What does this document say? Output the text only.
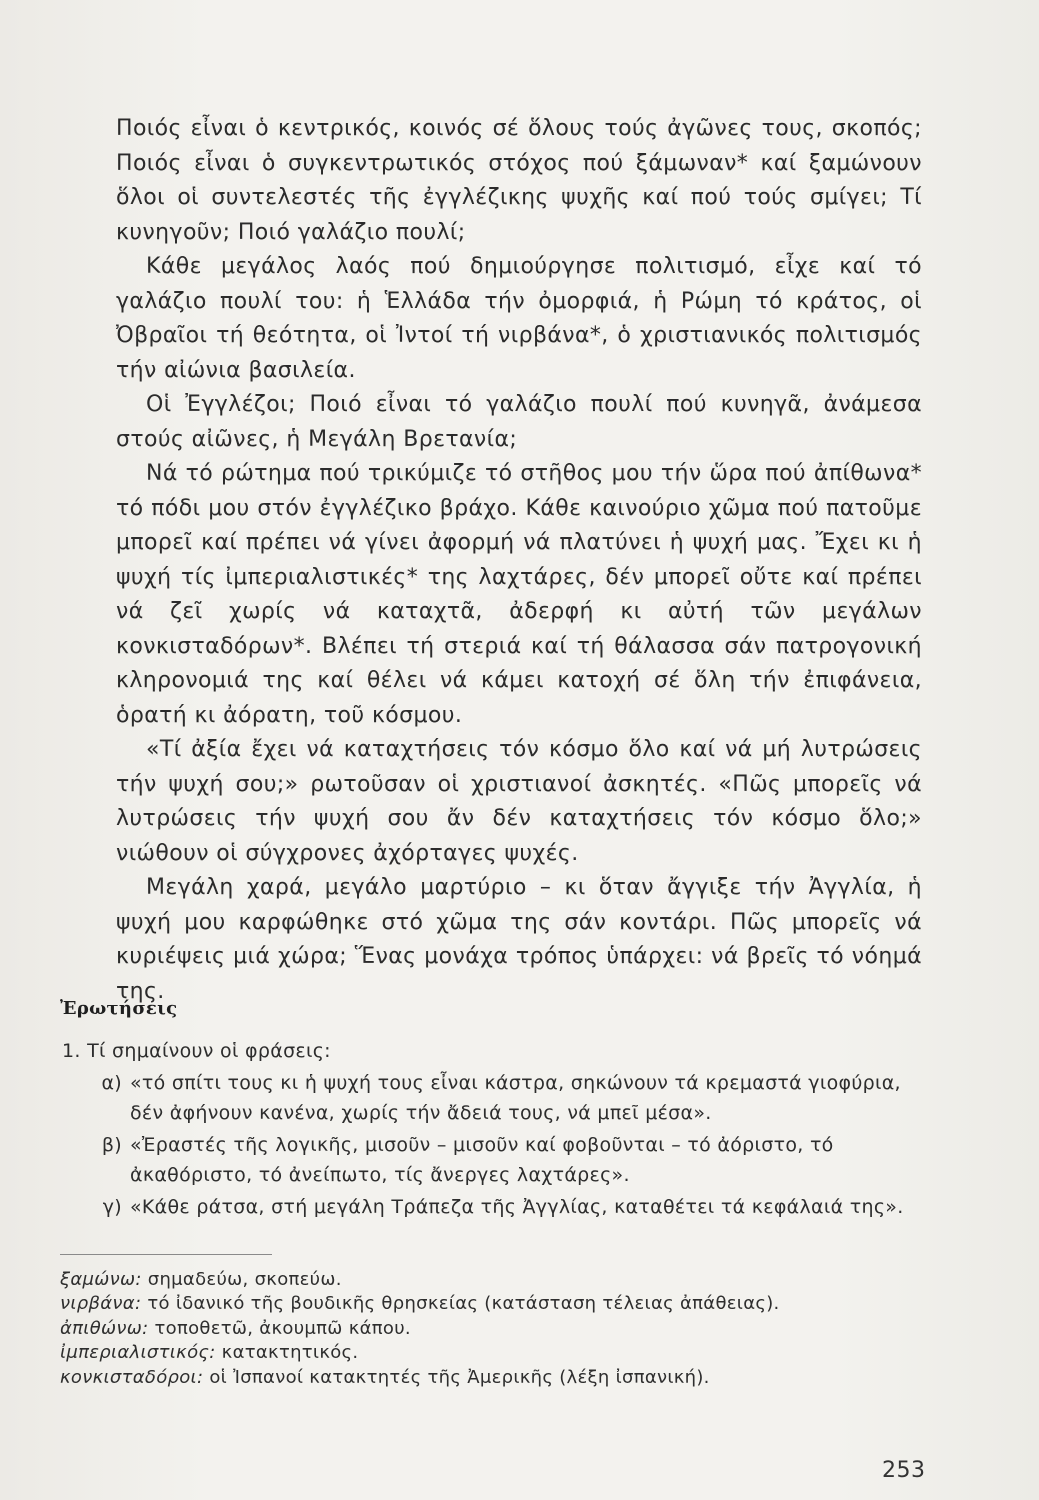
Ποιός εἶναι ὁ κεντρικός, κοινός σέ ὅλους τούς ἀγῶνες τους, σκοπός; Ποιός εἶναι ὁ συγκεντρωτικός στόχος πού ξάμωναν* καί ξαμώνουν ὅλοι οἱ συντελεστές τῆς ἐγγλέζικης ψυχῆς καί πού τούς σμίγει; Τί κυνηγοῦν; Ποιό γαλάζιο πουλί;

Κάθε μεγάλος λαός πού δημιούργησε πολιτισμό, εἶχε καί τό γαλάζιο πουλί του: ἡ Ἑλλάδα τήν ὀμορφιά, ἡ Ρώμη τό κράτος, οἱ Ὀβραῖοι τή θεότητα, οἱ Ἰντοί τή νιρβάνα*, ὁ χριστιανικός πολιτισμός τήν αἰώνια βασιλεία.

Οἱ Ἐγγλέζοι; Ποιό εἶναι τό γαλάζιο πουλί πού κυνηγᾶ, ἀνάμεσα στούς αἰῶνες, ἡ Μεγάλη Βρετανία;

Νά τό ρώτημα πού τρικύμιζε τό στῆθος μου τήν ὥρα πού ἀπίθωνα* τό πόδι μου στόν ἐγγλέζικο βράχο. Κάθε καινούριο χῶμα πού πατοῦμε μπορεῖ καί πρέπει νά γίνει ἀφορμή νά πλατύνει ἡ ψυχή μας. Ἔχει κι ἡ ψυχή τίς ἰμπεριαλιστικές* της λαχτάρες, δέν μπορεῖ οὔτε καί πρέπει νά ζεῖ χωρίς νά καταχτᾶ, ἀδερφή κι αὐτή τῶν μεγάλων κονκισταδόρων*. Βλέπει τή στεριά καί τή θάλασσα σάν πατρογονική κληρονομιά της καί θέλει νά κάμει κατοχή σέ ὅλη τήν ἐπιφάνεια, ὁρατή κι ἀόρατη, τοῦ κόσμου.

«Τί ἀξία ἔχει νά καταχτήσεις τόν κόσμο ὅλο καί νά μή λυτρώσεις τήν ψυχή σου;» ρωτοῦσαν οἱ χριστιανοί ἀσκητές. «Πῶς μπορεῖς νά λυτρώσεις τήν ψυχή σου ἄν δέν καταχτήσεις τόν κόσμο ὅλο;» νιώθουν οἱ σύγχρονες ἀχόρταγες ψυχές.

Μεγάλη χαρά, μεγάλο μαρτύριο – κι ὅταν ἄγγιξε τήν Ἀγγλία, ἡ ψυχή μου καρφώθηκε στό χῶμα της σάν κοντάρι. Πῶς μπορεῖς νά κυριέψεις μιά χώρα; Ἕνας μονάχα τρόπος ὑπάρχει: νά βρεῖς τό νόημά της.

Ἐρωτήσεις

1. Τί σημαίνουν οἱ φράσεις:

α) «τό σπίτι τους κι ἡ ψυχή τους εἶναι κάστρα, σηκώνουν τά κρεμαστά γιοφύρια, δέν ἀφήνουν κανένα, χωρίς τήν ἄδειά τους, νά μπεῖ μέσα».
β) «Ἐραστές τῆς λογικῆς, μισοῦν – μισοῦν καί φοβοῦνται – τό ἀόριστο, τό ἀκαθόριστο, τό ἀνείπωτο, τίς ἄνεργες λαχτάρες».
γ) «Κάθε ράτσα, στή μεγάλη Τράπεζα τῆς Ἀγγλίας, καταθέτει τά κεφάλαιά της».

ξαμώνω: σημαδεύω, σκοπεύω.

νιρβάνα: τό ἰδανικό τῆς βουδικῆς θρησκείας (κατάσταση τέλειας ἀπάθειας).

ἀπιθώνω: τοποθετῶ, ἀκουμπῶ κάπου.

ἰμπεριαλιστικός: κατακτητικός.

κονκισταδόροι: οἱ Ἰσπανοί κατακτητές τῆς Ἀμερικῆς (λέξη ἰσπανική).

253
